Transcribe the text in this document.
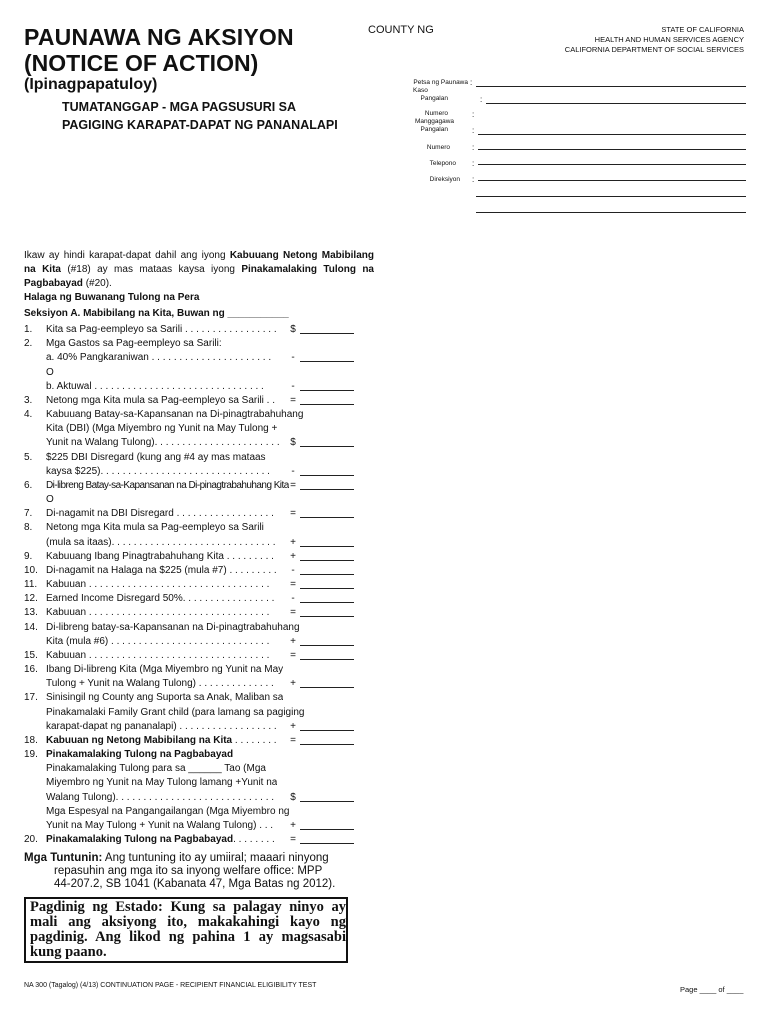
PAUNAWA NG AKSIYON
(NOTICE OF ACTION)
(Ipinagpapatuloy)
TUMATANGGAP - MGA PAGSUSURI SA
PAGIGING KARAPAT-DAPAT NG PANANALAPI
COUNTY NG	STATE OF CALIFORNIA
HEALTH AND HUMAN SERVICES AGENCY
CALIFORNIA DEPARTMENT OF SOCIAL SERVICES
Petsa ng Paunawa :
Kaso
Pangalan	:
Numero	:
Manggagawa
Pangalan	:
Numero	:
Telepono :
Direksiyon :
Ikaw ay hindi karapat-dapat dahil ang iyong Kabuuang Netong Mabibilang na Kita (#18) ay mas mataas kaysa iyong Pinakamalaking Tulong na Pagbabayad (#20).
Halaga ng Buwanang Tulong na Pera
Seksiyon A. Mabibilang na Kita, Buwan ng ___________
1.	Kita sa Pag-eempleyo sa Sarili . . . . . . . . . . . . . . . . . $
2.	Mga Gastos sa Pag-eempleyo sa Sarili:
a. 40% Pangkaraniwan . . . . . . . . . . . . . . . . . . . . . .	-
O
b. Aktuwal . . . . . . . . . . . . . . . . . . . . . . . . . . . . . . .	-
3.	Netong mga Kita mula sa Pag-eempleyo sa Sarili . . =
4.	Kabuuang Batay-sa-Kapansanan na Di-pinagtrabahuhang
Kita (DBI) (Mga Miyembro ng Yunit na May Tulong +
Yunit na Walang Tulong). . . . . . . . . . . . . . . . . . . . . . . $
5.	$225 DBI Disregard (kung ang #4 ay mas mataas
kaysa $225). . . . . . . . . . . . . . . . . . . . . . . . . . . . . . .	-
6.	Di-libreng Batay-sa-Kapansanan na Di-pinagtrabahuhang Kita =
O
7.	Di-nagamit na DBI Disregard . . . . . . . . . . . . . . . . . . =
8.	Netong mga Kita mula sa Pag-eempleyo sa Sarili
(mula sa itaas). . . . . . . . . . . . . . . . . . . . . . . . . . . . . . +
9.	Kabuuang Ibang Pinagtrabahuhang Kita . . . . . . . . . +
10. Di-nagamit na Halaga na $225 (mula #7) . . . . . . . . .	-
11. Kabuuan . . . . . . . . . . . . . . . . . . . . . . . . . . . . . . . . . =
12. Earned Income Disregard 50%. . . . . . . . . . . . . . . . .	-
13. Kabuuan . . . . . . . . . . . . . . . . . . . . . . . . . . . . . . . . . =
14. Di-libreng batay-sa-Kapansanan na Di-pinagtrabahuhang
Kita (mula #6) . . . . . . . . . . . . . . . . . . . . . . . . . . . . . +
15. Kabuuan . . . . . . . . . . . . . . . . . . . . . . . . . . . . . . . . . =
16. Ibang Di-libreng Kita (Mga Miyembro ng Yunit na May
Tulong + Yunit na Walang Tulong) . . . . . . . . . . . . . . +
17. Sinisingil ng County ang Suporta sa Anak, Maliban sa
Pinakamalaki Family Grant child (para lamang sa pagiging
karapat-dapat ng pananalapi) . . . . . . . . . . . . . . . . . . +
18. Kabuuan ng Netong Mabibilang na Kita . . . . . . . . =
19. Pinakamalaking Tulong na Pagbabayad
Pinakamalaking Tulong para sa ______ Tao (Mga
Miyembro ng Yunit na May Tulong lamang +Yunit na
Walang Tulong). . . . . . . . . . . . . . . . . . . . . . . . . . . . . $
Mga Espesyal na Pangangailangan (Mga Miyembro ng
Yunit na May Tulong + Yunit na Walang Tulong) . . . +
20. Pinakamalaking Tulong na Pagbabayad. . . . . . . . =
Mga Tuntunin: Ang tuntuning ito ay umiiral; maaari ninyong
repasuhin ang mga ito sa inyong welfare office: MPP
44-207.2, SB 1041 (Kabanata 47, Mga Batas ng 2012).
Pagdinig ng Estado: Kung sa palagay ninyo ay mali ang aksiyong ito, makakahingi kayo ng pagdinig. Ang likod ng pahina 1 ay magsasabi kung paano.
NA 300 (Tagalog) (4/13) CONTINUATION PAGE - RECIPIENT FINANCIAL ELIGIBILITY TEST	Page ____ of ____
